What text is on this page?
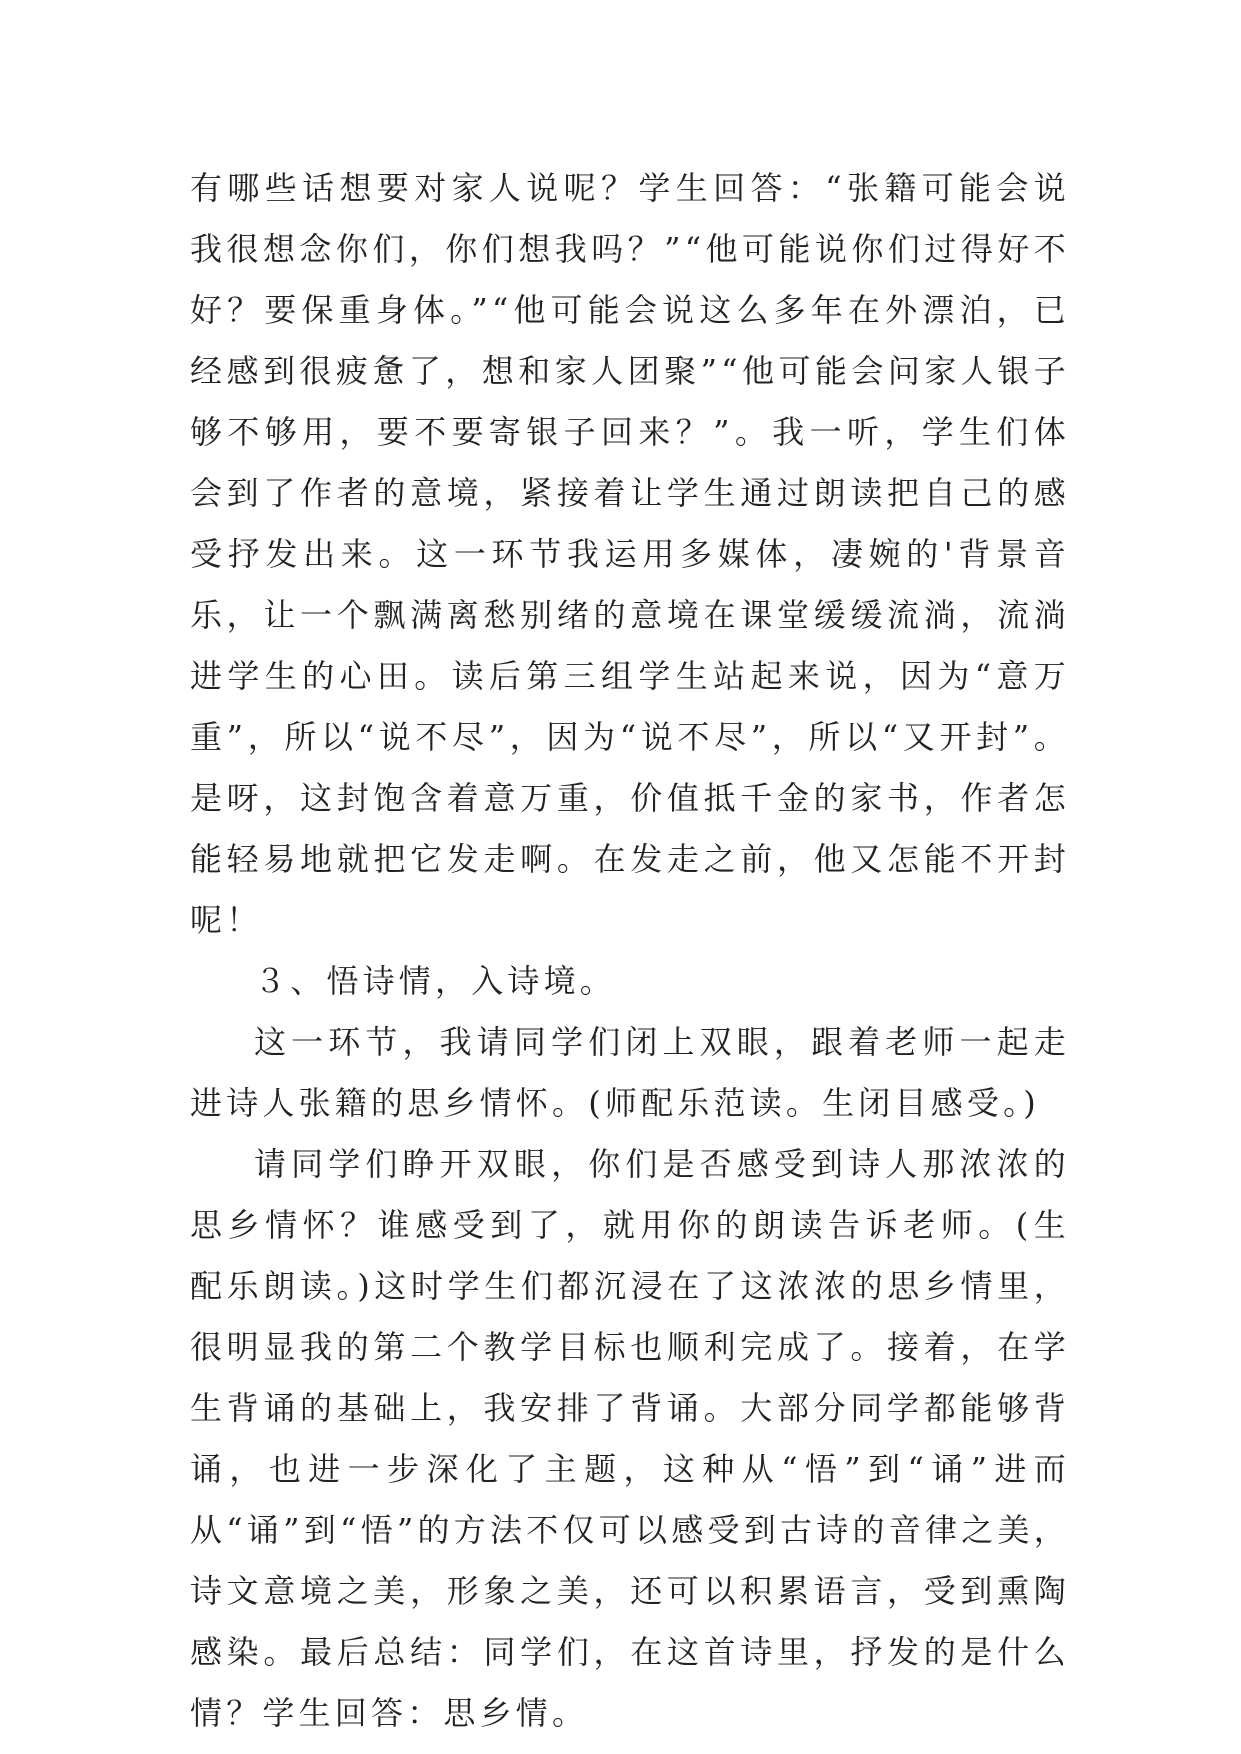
有哪些话想要对家人说呢？学生回答：“张籍可能会说我很想念你们，你们想我吗？”“他可能说你们过得好不好？要保重身体。”“他可能会说这么多年在外漂泊，已经感到很疲惫了，想和家人团聚”“他可能会问家人银子够不够用，要不要寄银子回来？”。我一听，学生们体会到了作者的意境，紧接着让学生通过朗读把自己的感受抒发出来。这一环节我运用多媒体，凄婉的'背景音乐，让一个飘满离愁别绪的意境在课堂缓缓流淌，流淌进学生的心田。读后第三组学生站起来说，因为“意万重”，所以“说不尽”，因为“说不尽”，所以“又开封”。是呀，这封饱含着意万重，价值抵千金的家书，作者怎能轻易地就把它发走啊。在发走之前，他又怎能不开封呢！

３、悟诗情，入诗境。

这一环节，我请同学们闭上双眼，跟着老师一起走进诗人张籍的思乡情怀。(师配乐范读。生闭目感受。)

请同学们睁开双眼，你们是否感受到诗人那浓浓的思乡情怀？谁感受到了，就用你的朗读告诉老师。(生配乐朗读。)这时学生们都沉浸在了这浓浓的思乡情里，很明显我的第二个教学目标也顺利完成了。接着，在学生背诵的基础上，我安排了背诵。大部分同学都能够背诵，也进一步深化了主题，这种从“悟”到“诵”进而从“诵”到“悟”的方法不仅可以感受到古诗的音律之美，诗文意境之美，形象之美，还可以积累语言，受到熏陶感染。最后总结：同学们，在这首诗里，抒发的是什么情？学生回答：思乡情。
